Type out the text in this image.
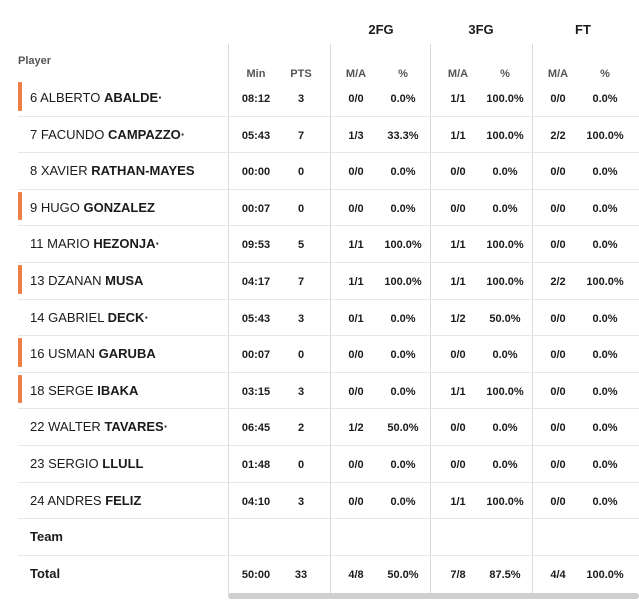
2FG	3FG	FT
Player
Min	PTS	M/A	%	M/A	%	M/A	%
6 ALBERTO ABALDE·	08:12	3	0/0	0.0%	1/1	100.0%	0/0	0.0%
7 FACUNDO CAMPAZZO·	05:43	7	1/3	33.3%	1/1	100.0%	2/2	100.0%
8 XAVIER RATHAN-MAYES	00:00	0	0/0	0.0%	0/0	0.0%	0/0	0.0%
9 HUGO GONZALEZ	00:07	0	0/0	0.0%	0/0	0.0%	0/0	0.0%
11 MARIO HEZONJA·	09:53	5	1/1	100.0%	1/1	100.0%	0/0	0.0%
13 DZANAN MUSA	04:17	7	1/1	100.0%	1/1	100.0%	2/2	100.0%
14 GABRIEL DECK·	05:43	3	0/1	0.0%	1/2	50.0%	0/0	0.0%
16 USMAN GARUBA	00:07	0	0/0	0.0%	0/0	0.0%	0/0	0.0%
18 SERGE IBAKA	03:15	3	0/0	0.0%	1/1	100.0%	0/0	0.0%
22 WALTER TAVARES·	06:45	2	1/2	50.0%	0/0	0.0%	0/0	0.0%
23 SERGIO LLULL	01:48	0	0/0	0.0%	0/0	0.0%	0/0	0.0%
24 ANDRES FELIZ	04:10	3	0/0	0.0%	1/1	100.0%	0/0	0.0%
Team
Total	50:00	33	4/8	50.0%	7/8	87.5%	4/4	100.0%
